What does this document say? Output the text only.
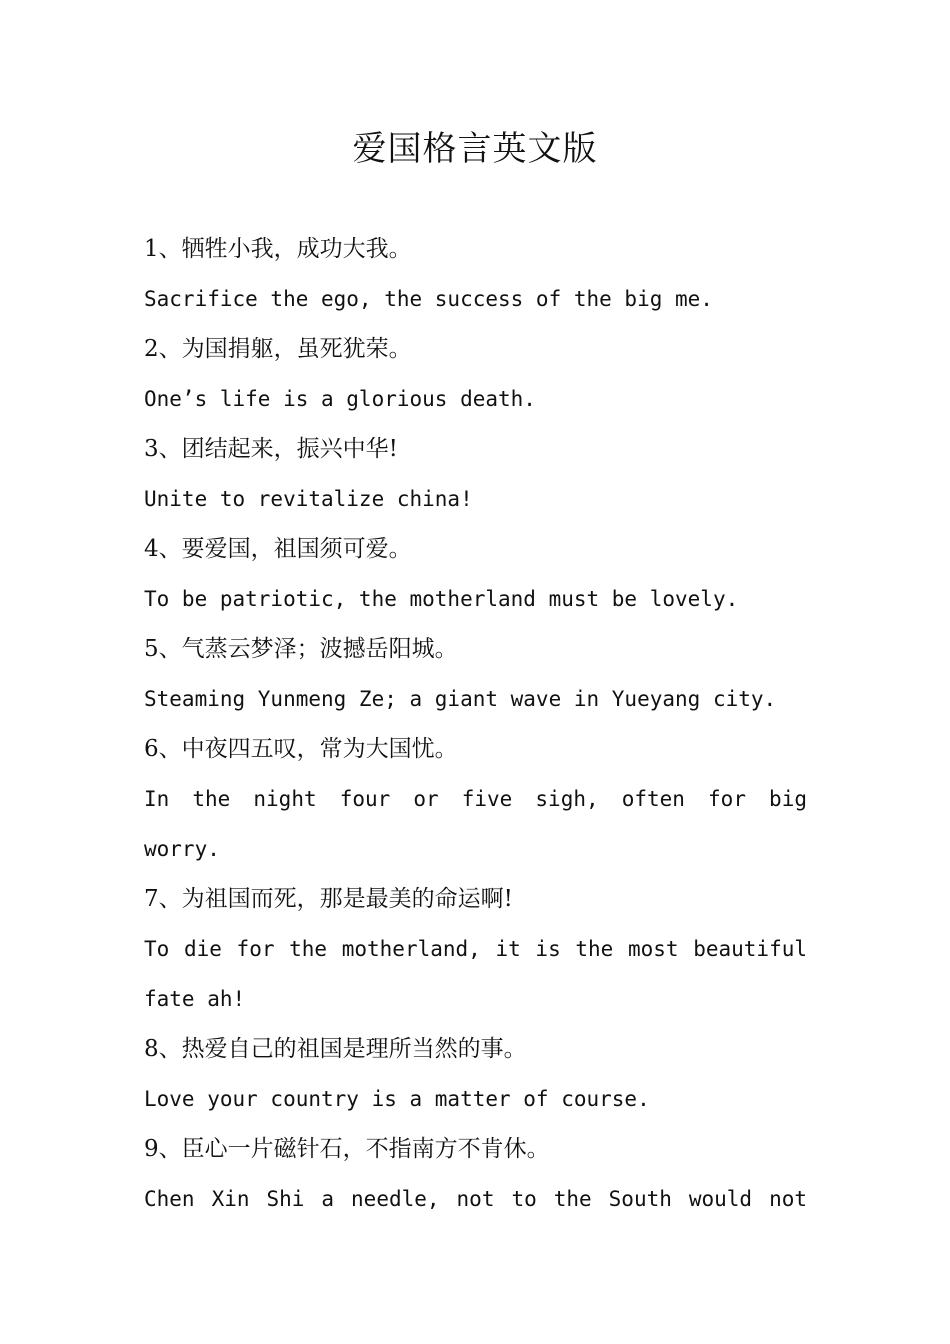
爱国格言英文版

1、牺牲小我，成功大我。

Sacrifice the ego, the success of the big me.

2、为国捐躯，虽死犹荣。

One’s life is a glorious death.

3、团结起来，振兴中华!

Unite to revitalize china!

4、要爱国，祖国须可爱。

To be patriotic, the motherland must be lovely.

5、气蒸云梦泽；波撼岳阳城。

Steaming Yunmeng Ze; a giant wave in Yueyang city.

6、中夜四五叹，常为大国忧。

In the night four or five sigh, often for big

worry.

7、为祖国而死，那是最美的命运啊!

To die for the motherland, it is the most beautiful

fate ah!

8、热爱自己的祖国是理所当然的事。

Love your country is a matter of course.

9、臣心一片磁针石，不指南方不肯休。

Chen Xin Shi a needle, not to the South would not
